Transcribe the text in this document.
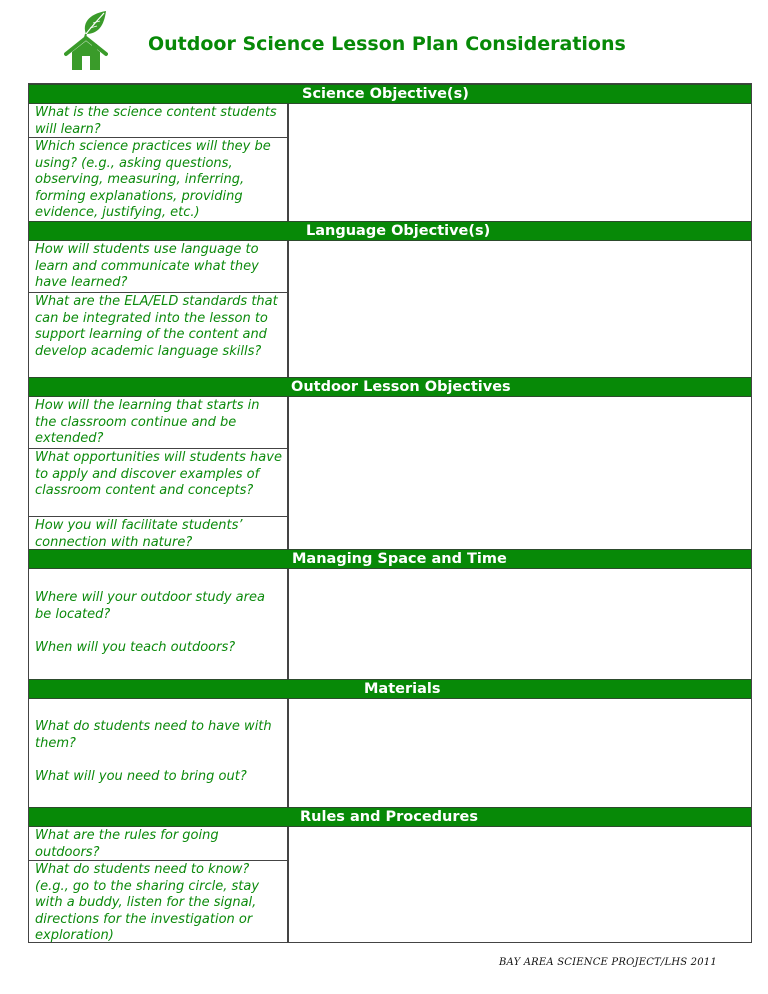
Outdoor Science Lesson Plan Considerations
Science Objective(s)
What is the science content students will learn?
Which science practices will they be using? (e.g., asking questions, observing, measuring, inferring, forming explanations, providing evidence, justifying, etc.)
Language Objective(s)
How will students use language to learn and communicate what they have learned?
What are the ELA/ELD standards that can be integrated into the lesson to support learning of the content and develop academic language skills?
Outdoor Lesson Objectives
How will the learning that starts in the classroom continue and be extended?
What opportunities will students have to apply and discover examples of classroom content and concepts?
How you will facilitate students’ connection with nature?
Managing Space and Time
Where will your outdoor study area be located?
When will you teach outdoors?
Materials
What do students need to have with them?
What will you need to bring out?
Rules and Procedures
What are the rules for going outdoors?
What do students need to know? (e.g., go to the sharing circle, stay with a buddy, listen for the signal, directions for the investigation or exploration)
BAY AREA SCIENCE PROJECT/LHS 2011
